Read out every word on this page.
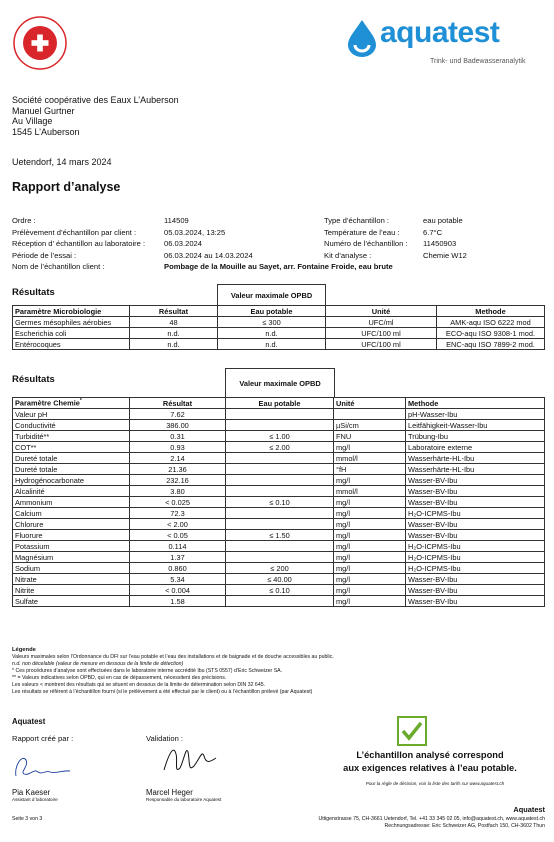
aquatest
Trink- und Badewasseranalytik
Société coopérative des Eaux L’Auberson
Manuel Gurtner
Au Village
1545 L’Auberson
Uetendorf, 14 mars 2024
Rapport d’analyse
Ordre :	114509	Type d’échantillon :	eau potable
Prélèvement d’échantillon par client :	05.03.2024, 13:25	Température de l’eau :	6.7°C
Réception d’ échantillon au laboratoire :	06.03.2024	Numéro de l’échantillon :	11450903
Période de l’essai :	06.03.2024 au 14.03.2024	Kit d’analyse :	Chemie W12
Nom de l’échantillon client :	Pombage de la Mouille au Sayet, arr. Fontaine Froide, eau brute		
Résultats	Valeur maximale OPBD
Paramètre Microbiologie	Résultat	Eau potable	Unité	Methode
Germes mésophiles aérobies	48	≤ 300	UFC/ml	AMK-aqu ISO 6222 mod
Escherichia coli	n.d.	n.d.	UFC/100 ml	ECO-aqu ISO 9308-1 mod.
Entérocoques	n.d.	n.d.	UFC/100 ml	ENC-aqu ISO 7899-2 mod.
Résultats	Valeur maximale OPBD
Paramètre Chemie*	Résultat	Eau potable	Unité	Methode
Valeur pH	7.62			pH-Wasser-Ibu
Conductivité	386.00		µSi/cm	Leitfähigkeit-Wasser-Ibu
Turbidité**	0.31	≤ 1.00	FNU	Trübung-Ibu
COT**	0.93	≤ 2.00	mg/l	Laboratoire externe
Dureté totale	2.14		mmol/l	Wasserhärte-HL-Ibu
Dureté totale	21.36		°fH	Wasserhärte-HL-Ibu
Hydrogénocarbonate	232.16		mg/l	Wasser-BV-Ibu
Alcalinité	3.80		mmol/l	Wasser-BV-Ibu
Ammonium	< 0.025	≤ 0.10	mg/l	Wasser-BV-Ibu
Calcium	72.3		mg/l	H₂O-ICPMS-Ibu
Chlorure	< 2.00		mg/l	Wasser-BV-Ibu
Fluorure	< 0.05	≤ 1.50	mg/l	Wasser-BV-Ibu
Potassium	0.114		mg/l	H₂O-ICPMS-Ibu
Magnésium	1.37		mg/l	H₂O-ICPMS-Ibu
Sodium	0.860	≤ 200	mg/l	H₂O-ICPMS-Ibu
Nitrate	5.34	≤ 40.00	mg/l	Wasser-BV-Ibu
Nitrite	< 0.004	≤ 0.10	mg/l	Wasser-BV-Ibu
Sulfate	1.58		mg/l	Wasser-BV-Ibu
Légende
Valeurs maximales selon l’Ordonnance du DFI sur l’eau potable et l’eau des installations et de baignade et de douche accessibles au public.
n.d. non décelable (valeur de mesure en dessous de la limite de détection)
* Ces procédures d’analyse sont effectuées dans le laboratoire interne accrédité Ibu (STS 0557) d’Eric Schweizer SA.
** = Valeurs indicatives selon OPBD, qui en cas de dépassement, nécessitent des précisions.
Les valeurs < montrent des résultats qui se situent en dessous de la limite de détermination selon DIN 32 645.
Les résultats se réfèrent à l’échantillon fourni (si le prélèvement a été effectué par le client) ou à l’échantillon prélevé (par Aquatest)
Aquatest
Rapport créé par :	Validation :
Pia Kaeser
Assistant d´laboratoire
Marcel Heger
Responsable du laboratoire Aquatest
L’échantillon analysé correspond
aux exigences relatives à l’eau potable.
Pour la règle de décision, voir la liste des tarifs sur www.aquatest.ch
Aquatest
Uttigenstrasse 75, CH-3661 Uetendorf, Tel. +41 33 345 02 05, info@aquatest.ch, www.aquatest.ch
Rechnungsadresse: Eric Schweizer AG, Postfach 150, CH-3602 Thun
Seite 3 von 3
